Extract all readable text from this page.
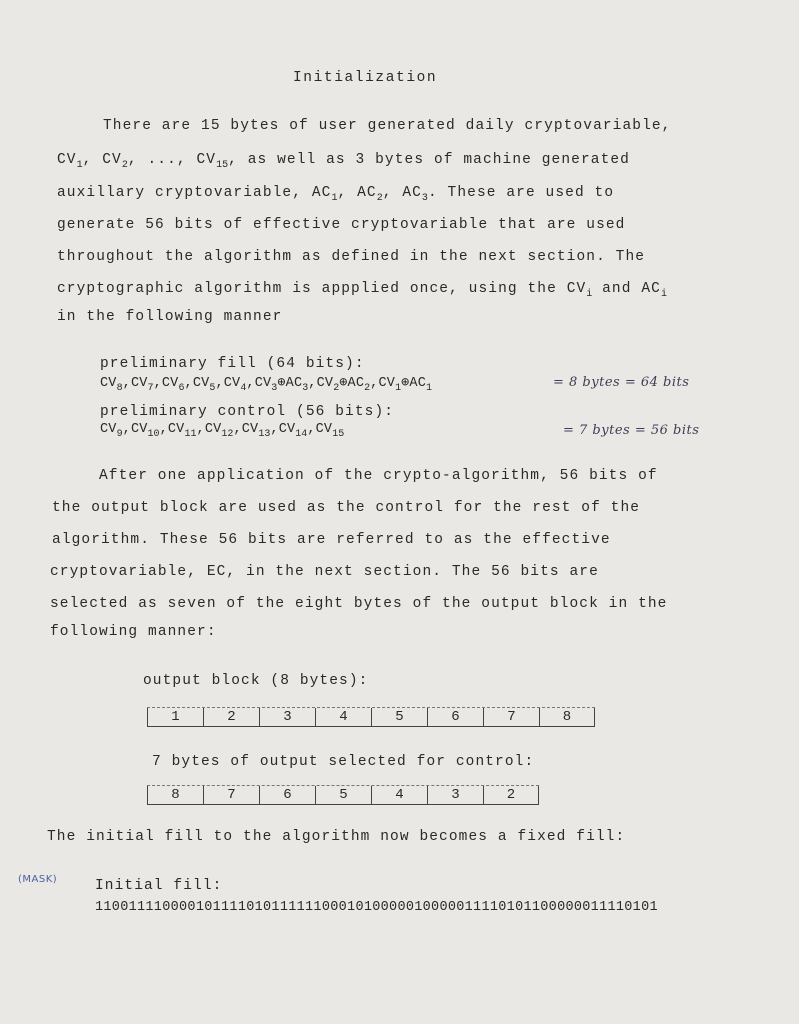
Initialization
There are 15 bytes of user generated daily cryptovariable,
$CV_1$, $CV_2$, ..., $CV_{15}$, as well as 3 bytes of machine generated
auxillary cryptovariable, $AC_1$, $AC_2$, $AC_3$. These are used to
generate 56 bits of effective cryptovariable that are used
throughout the algorithm as defined in the next section. The
cryptographic algorithm is appplied once, using the $CV_i$ and $AC_i$
in the following manner
preliminary fill (64 bits):
$CV_8,CV_7,CV_6,CV_5,CV_4,CV_3\oplus AC_3,CV_2\oplus AC_2,CV_1\oplus AC_1$	= 8 bytes = 64 bits
preliminary control (56 bits):
$CV_9,CV_{10},CV_{11},CV_{12},CV_{13},CV_{14},CV_{15}$	= 7 bytes = 56 bits
After one application of the crypto-algorithm, 56 bits of
the output block are used as the control for the rest of the
algorithm. These 56 bits are referred to as the effective
cryptovariable, EC, in the next section. The 56 bits are
selected as seven of the eight bytes of the output block in the
following manner:
output block (8 bytes):
1	2	3	4	5	6	7	8
7 bytes of output selected for control:
8	7	6	5	4	3	2
The initial fill to the algorithm now becomes a fixed fill:
(MASK)	Initial fill:
1100111100001011110101111110001010000010000011110101100000011110101
